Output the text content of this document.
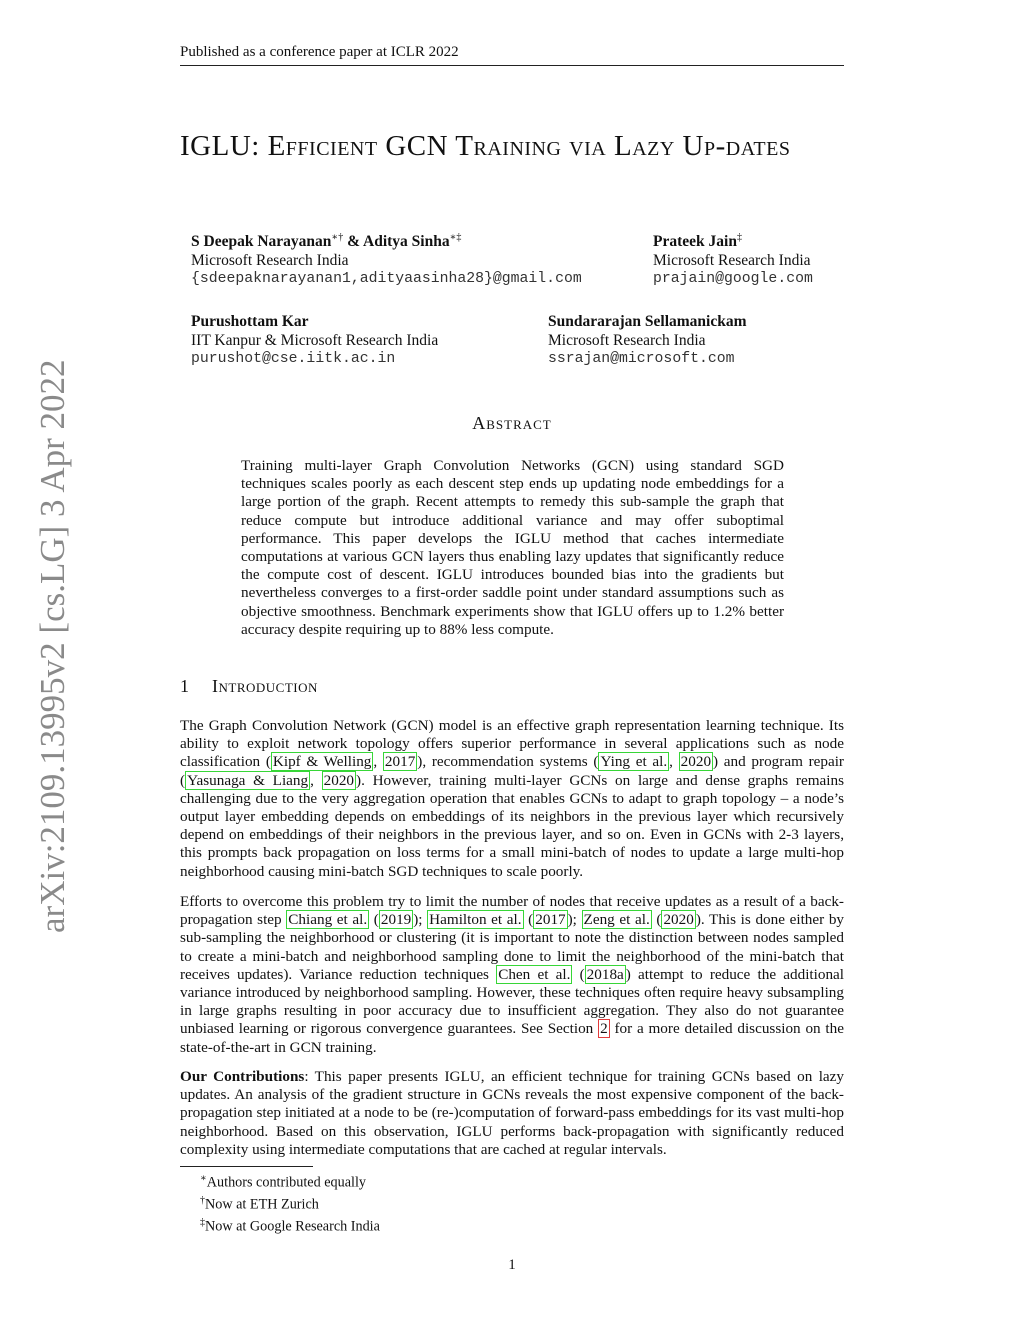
Published as a conference paper at ICLR 2022
arXiv:2109.13995v2 [cs.LG] 3 Apr 2022
IGLU: Efficient GCN Training via Lazy Up-dates
S Deepak Narayanan∗† & Aditya Sinha∗‡
Microsoft Research India
{sdeepaknarayanan1,adityaasinha28}@gmail.com
Prateek Jain‡
Microsoft Research India
prajain@google.com
Purushottam Kar
IIT Kanpur & Microsoft Research India
purushot@cse.iitk.ac.in
Sundararajan Sellamanickam
Microsoft Research India
ssrajan@microsoft.com
Abstract
Training multi-layer Graph Convolution Networks (GCN) using standard SGD techniques scales poorly as each descent step ends up updating node embeddings for a large portion of the graph. Recent attempts to remedy this sub-sample the graph that reduce compute but introduce additional variance and may offer suboptimal performance. This paper develops the IGLU method that caches intermediate computations at various GCN layers thus enabling lazy updates that significantly reduce the compute cost of descent. IGLU introduces bounded bias into the gradients but nevertheless converges to a first-order saddle point under standard assumptions such as objective smoothness. Benchmark experiments show that IGLU offers up to 1.2% better accuracy despite requiring up to 88% less compute.
1 Introduction
The Graph Convolution Network (GCN) model is an effective graph representation learning technique. Its ability to exploit network topology offers superior performance in several applications such as node classification ( Kipf & Welling , 2017 ), recommendation systems ( Ying et al. , 2020 ) and program repair ( Yasunaga & Liang , 2020 ). However, training multi-layer GCNs on large and dense graphs remains challenging due to the very aggregation operation that enables GCNs to adapt to graph topology – a node’s output layer embedding depends on embeddings of its neighbors in the previous layer which recursively depend on embeddings of their neighbors in the previous layer, and so on. Even in GCNs with 2-3 layers, this prompts back propagation on loss terms for a small mini-batch of nodes to update a large multi-hop neighborhood causing mini-batch SGD techniques to scale poorly.
Efforts to overcome this problem try to limit the number of nodes that receive updates as a result of a back-propagation step Chiang et al. ( 2019 ); Hamilton et al. ( 2017 ); Zeng et al. ( 2020 ). This is done either by sub-sampling the neighborhood or clustering (it is important to note the distinction between nodes sampled to create a mini-batch and neighborhood sampling done to limit the neighborhood of the mini-batch that receives updates). Variance reduction techniques Chen et al. ( 2018a ) attempt to reduce the additional variance introduced by neighborhood sampling. However, these techniques often require heavy subsampling in large graphs resulting in poor accuracy due to insufficient aggregation. They also do not guarantee unbiased learning or rigorous convergence guarantees. See Section 2 for a more detailed discussion on the state-of-the-art in GCN training.
Our Contributions: This paper presents IGLU, an efficient technique for training GCNs based on lazy updates. An analysis of the gradient structure in GCNs reveals the most expensive component of the back-propagation step initiated at a node to be (re-)computation of forward-pass embeddings for its vast multi-hop neighborhood. Based on this observation, IGLU performs back-propagation with significantly reduced complexity using intermediate computations that are cached at regular intervals.
∗Authors contributed equally
†Now at ETH Zurich
‡Now at Google Research India
1
